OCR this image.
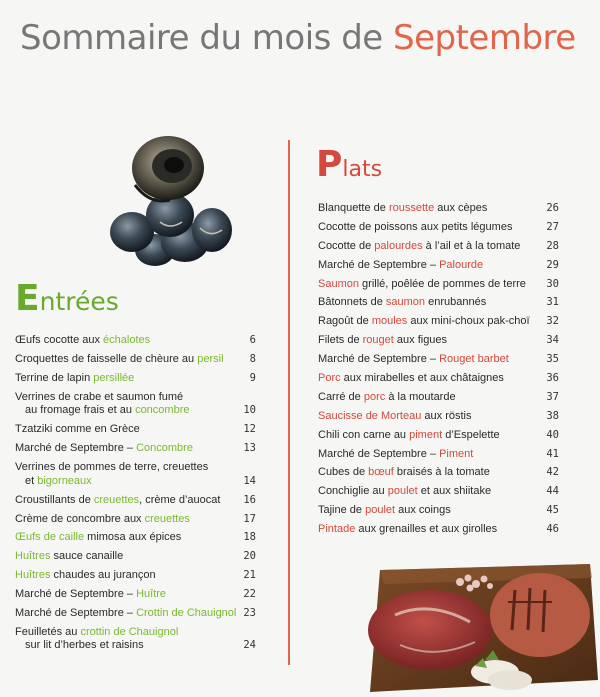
Sommaire du mois de Septembre
Entrées
Œufs cocotte aux échalotes	6
Croquettes de faisselle de chèure au persil	8
Terrine de lapin persillée	9
Verrines de crabe et saumon fumé
au fromage frais et au concombre	10
Tzatziki comme en Grèce	12
Marché de Septembre – Concombre	13
Verrines de pommes de terre, creuettes
et bigorneaux	14
Croustillants de creuettes, crème d’auocat	16
Crème de concombre aux creuettes	17
Œufs de caille mimosa aux épices	18
Huîtres sauce canaille	20
Huîtres chaudes au jurançon	21
Marché de Septembre – Huître	22
Marché de Septembre – Crottin de Chauignol 23
Feuilletés au crottin de Chauignol
sur lit d’herbes et raisins	24
Plats
Blanquette de roussette aux cèpes	26
Cocotte de poissons aux petits légumes	27
Cocotte de palourdes à l’ail et à la tomate	28
Marché de Septembre – Palourde	29
Saumon grillé, poêlée de pommes de terre	30
Bâtonnets de saumon enrubannés	31
Ragoût de moules aux mini-choux pak-choï	32
Filets de rouget aux figues	34
Marché de Septembre – Rouget barbet	35
Porc aux mirabelles et aux châtaignes	36
Carré de porc à la moutarde	37
Saucisse de Morteau aux röstis	38
Chili con carne au piment d’Espelette	40
Marché de Septembre – Piment	41
Cubes de bœuf braisés à la tomate	42
Conchiglie au poulet et aux shiitake	44
Tajine de poulet aux coings	45
Pintade aux grenailles et aux girolles	46
